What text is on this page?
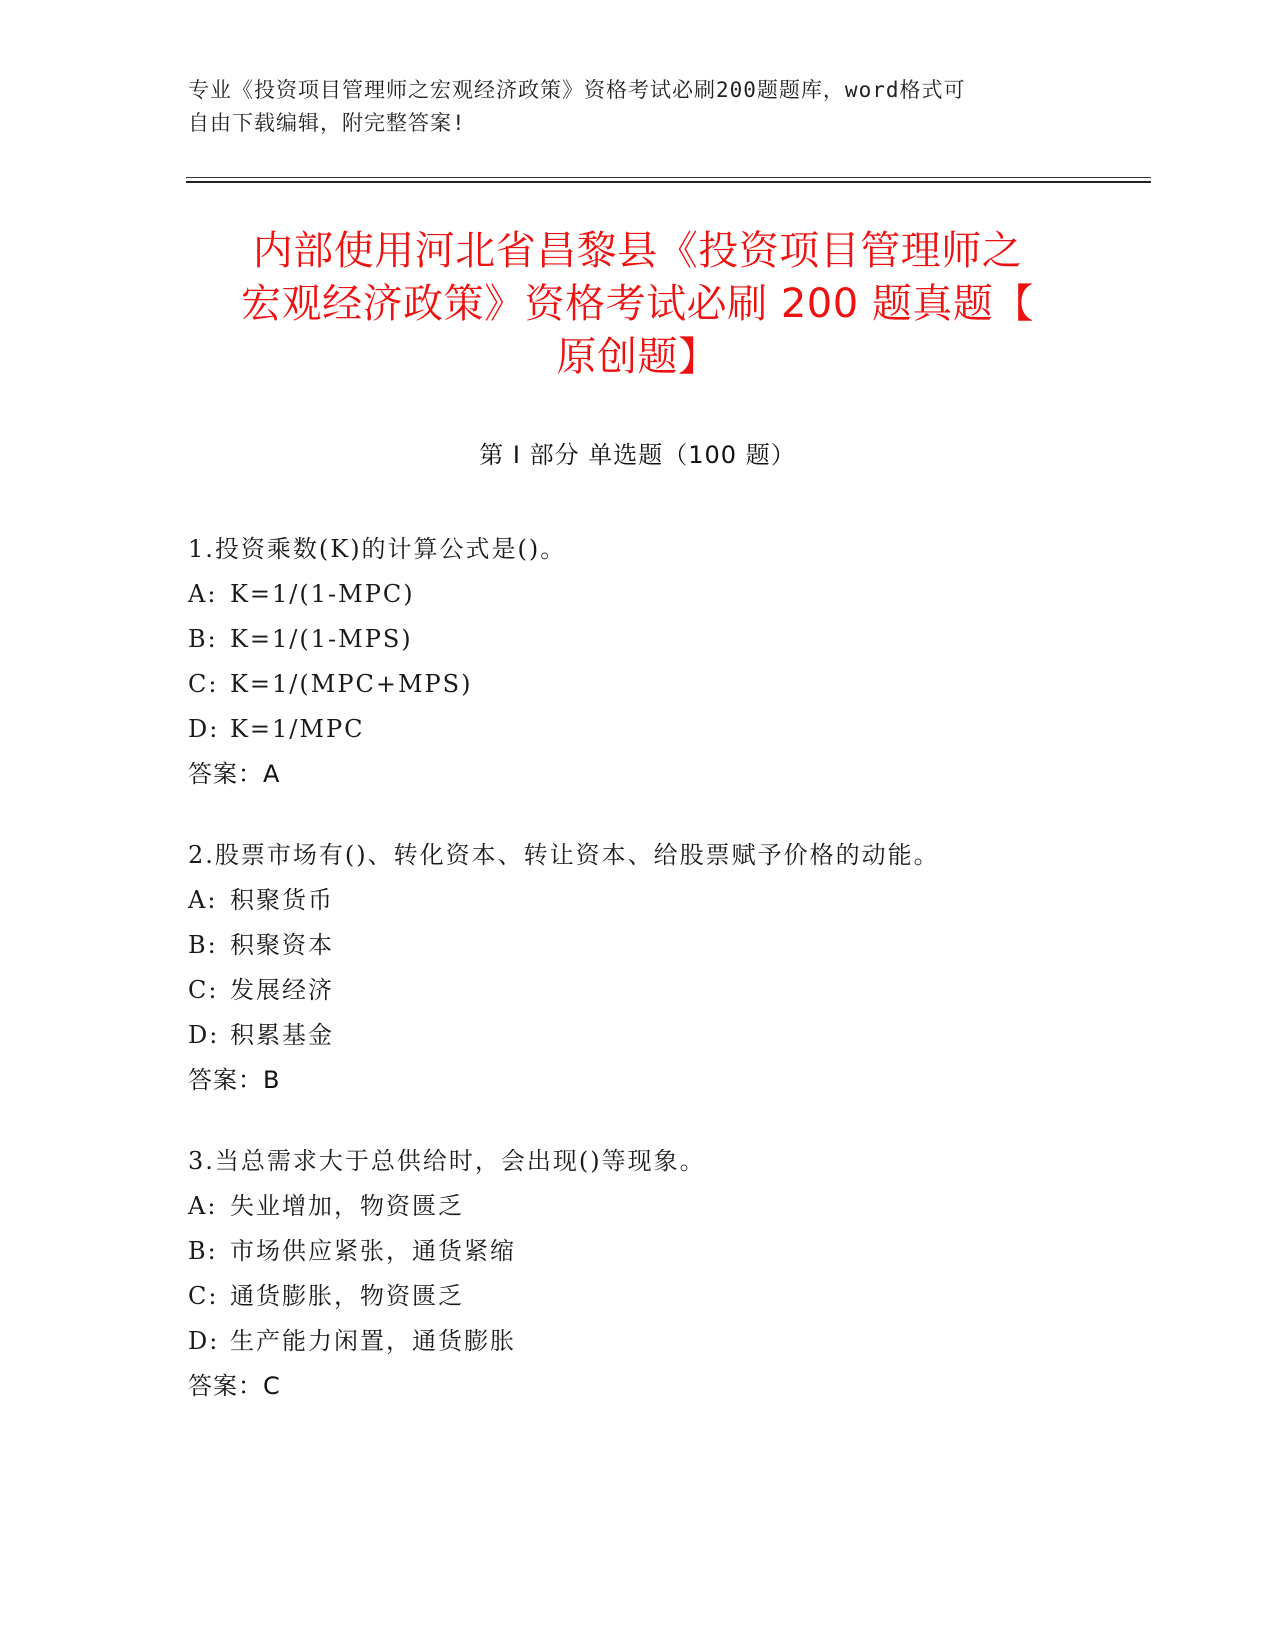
专业《投资项目管理师之宏观经济政策》资格考试必刷200题题库，word格式可
自由下载编辑，附完整答案!
内部使用河北省昌黎县《投资项目管理师之
宏观经济政策》资格考试必刷 200 题真题【
原创题】
第 I 部分 单选题（100 题）
1.投资乘数(K)的计算公式是()。
A: K=1/(1-MPC)
B: K=1/(1-MPS)
C: K=1/(MPC+MPS)
D: K=1/MPC
答案：A
2.股票市场有()、转化资本、转让资本、给股票赋予价格的动能。
A: 积聚货币
B: 积聚资本
C: 发展经济
D: 积累基金
答案：B
3.当总需求大于总供给时，会出现()等现象。
A: 失业增加，物资匮乏
B: 市场供应紧张，通货紧缩
C: 通货膨胀，物资匮乏
D: 生产能力闲置，通货膨胀
答案：C
